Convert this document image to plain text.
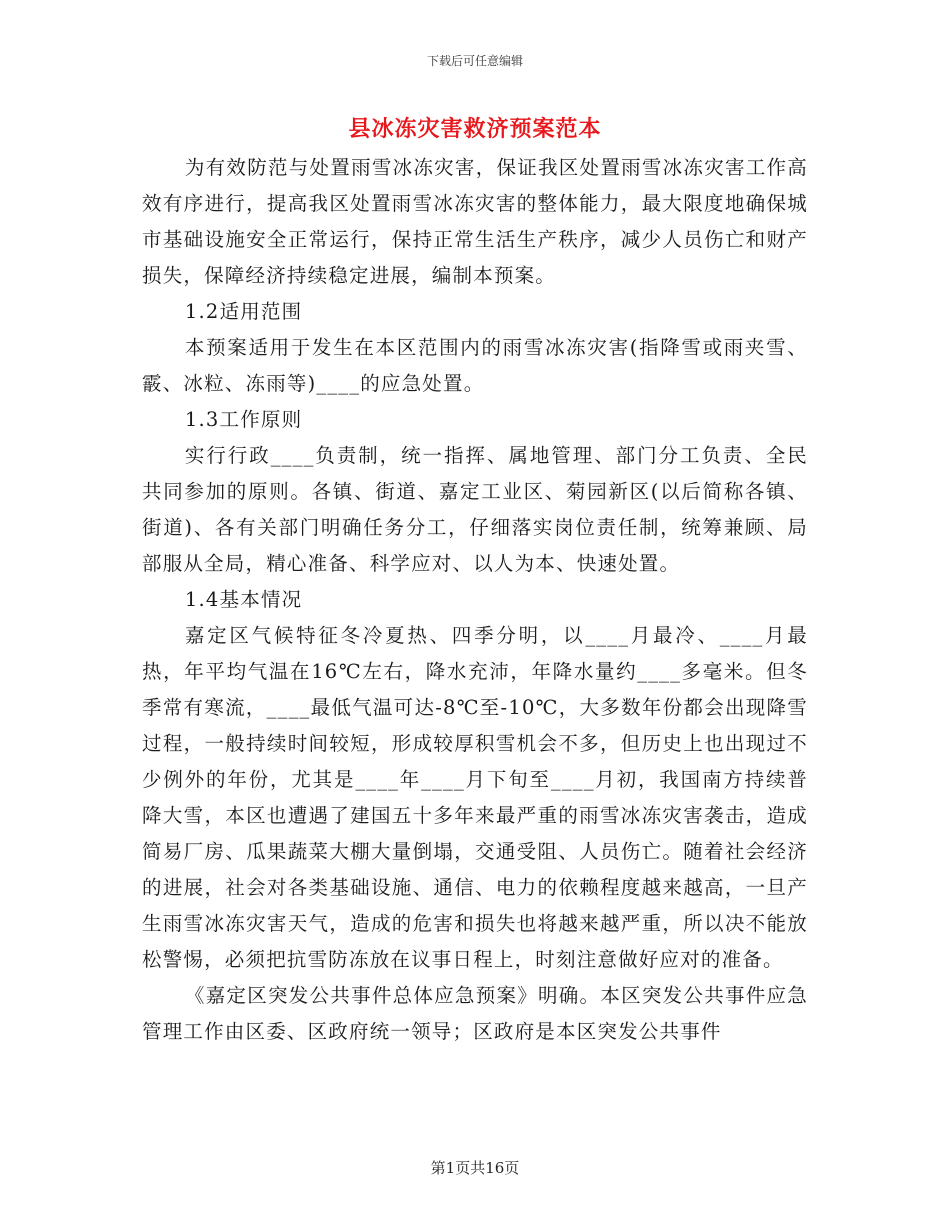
下载后可任意编辑
县冰冻灾害救济预案范本

为有效防范与处置雨雪冰冻灾害，保证我区处置雨雪冰冻灾害工作高效有序进行，提高我区处置雨雪冰冻灾害的整体能力，最大限度地确保城市基础设施安全正常运行，保持正常生活生产秩序，减少人员伤亡和财产损失，保障经济持续稳定进展，编制本预案。

1.2适用范围

本预案适用于发生在本区范围内的雨雪冰冻灾害(指降雪或雨夹雪、霰、冰粒、冻雨等)____的应急处置。

1.3工作原则

实行行政____负责制，统一指挥、属地管理、部门分工负责、全民共同参加的原则。各镇、街道、嘉定工业区、菊园新区(以后简称各镇、街道)、各有关部门明确任务分工，仔细落实岗位责任制，统筹兼顾、局部服从全局，精心准备、科学应对、以人为本、快速处置。

1.4基本情况

嘉定区气候特征冬冷夏热、四季分明，以____月最冷、____月最热，年平均气温在16℃左右，降水充沛，年降水量约____多毫米。但冬季常有寒流，____最低气温可达-8℃至-10℃，大多数年份都会出现降雪过程，一般持续时间较短，形成较厚积雪机会不多，但历史上也出现过不少例外的年份，尤其是____年____月下旬至____月初，我国南方持续普降大雪，本区也遭遇了建国五十多年来最严重的雨雪冰冻灾害袭击，造成简易厂房、瓜果蔬菜大棚大量倒塌，交通受阻、人员伤亡。随着社会经济的进展，社会对各类基础设施、通信、电力的依赖程度越来越高，一旦产生雨雪冰冻灾害天气，造成的危害和损失也将越来越严重，所以决不能放松警惕，必须把抗雪防冻放在议事日程上，时刻注意做好应对的准备。

《嘉定区突发公共事件总体应急预案》明确。本区突发公共事件应急管理工作由区委、区政府统一领导；区政府是本区突发公共事件

第1页共16页
